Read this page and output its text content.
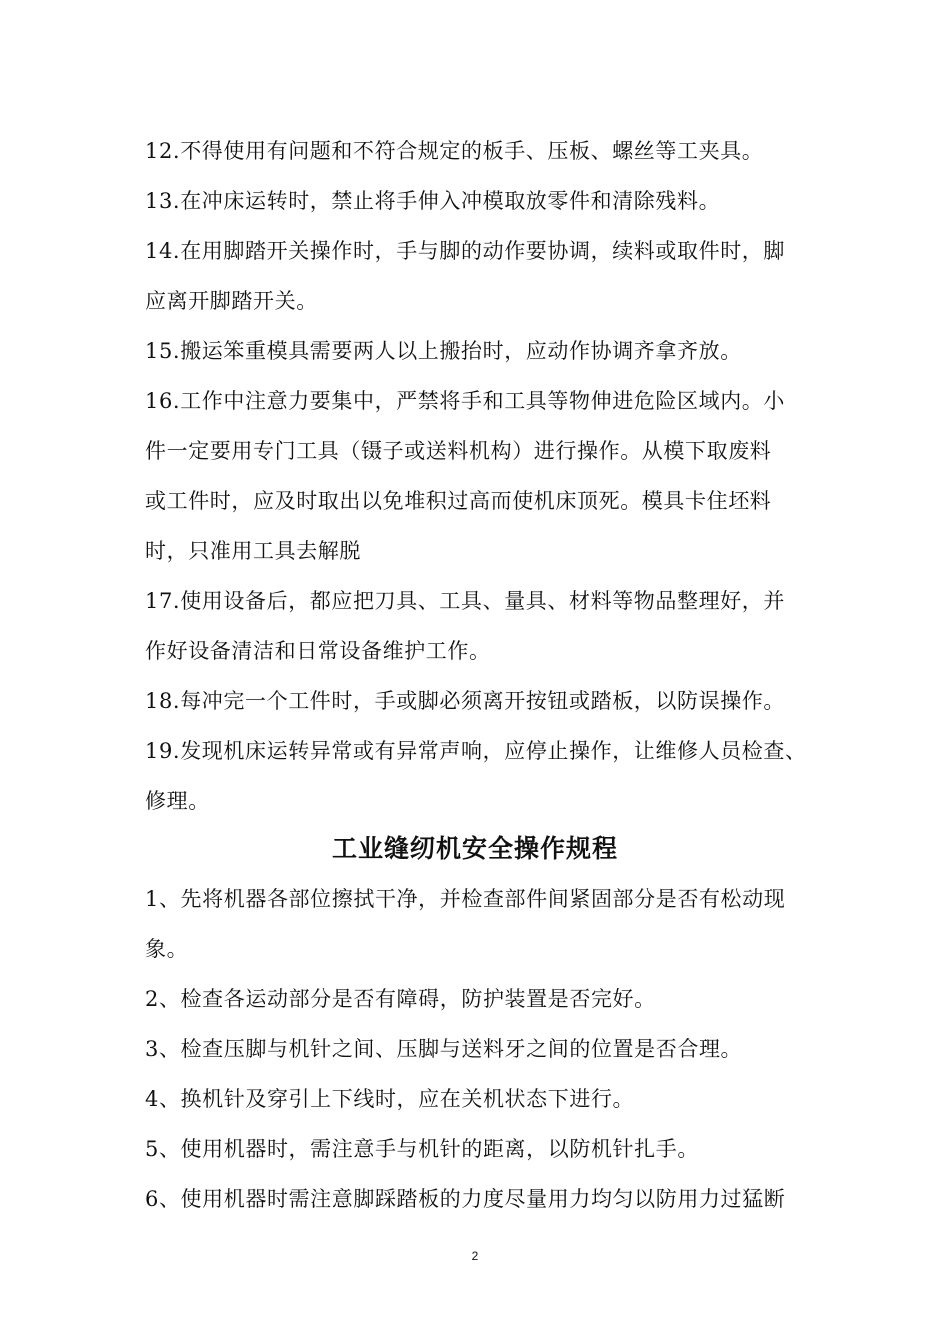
12.不得使用有问题和不符合规定的板手、压板、螺丝等工夹具。
13.在冲床运转时，禁止将手伸入冲模取放零件和清除残料。
14.在用脚踏开关操作时，手与脚的动作要协调，续料或取件时，脚
应离开脚踏开关。
15.搬运笨重模具需要两人以上搬抬时，应动作协调齐拿齐放。
16.工作中注意力要集中，严禁将手和工具等物伸进危险区域内。小
件一定要用专门工具（镊子或送料机构）进行操作。从模下取废料
或工件时，应及时取出以免堆积过高而使机床顶死。模具卡住坯料
时，只准用工具去解脱
17.使用设备后，都应把刀具、工具、量具、材料等物品整理好，并
作好设备清洁和日常设备维护工作。
18.每冲完一个工件时，手或脚必须离开按钮或踏板，以防误操作。
19.发现机床运转异常或有异常声响，应停止操作，让维修人员检查、
修理。
工业缝纫机安全操作规程
1、先将机器各部位擦拭干净，并检查部件间紧固部分是否有松动现
象。
2、检查各运动部分是否有障碍，防护装置是否完好。
3、检查压脚与机针之间、压脚与送料牙之间的位置是否合理。
4、换机针及穿引上下线时，应在关机状态下进行。
5、使用机器时，需注意手与机针的距离，以防机针扎手。
6、使用机器时需注意脚踩踏板的力度尽量用力均匀以防用力过猛断
2
